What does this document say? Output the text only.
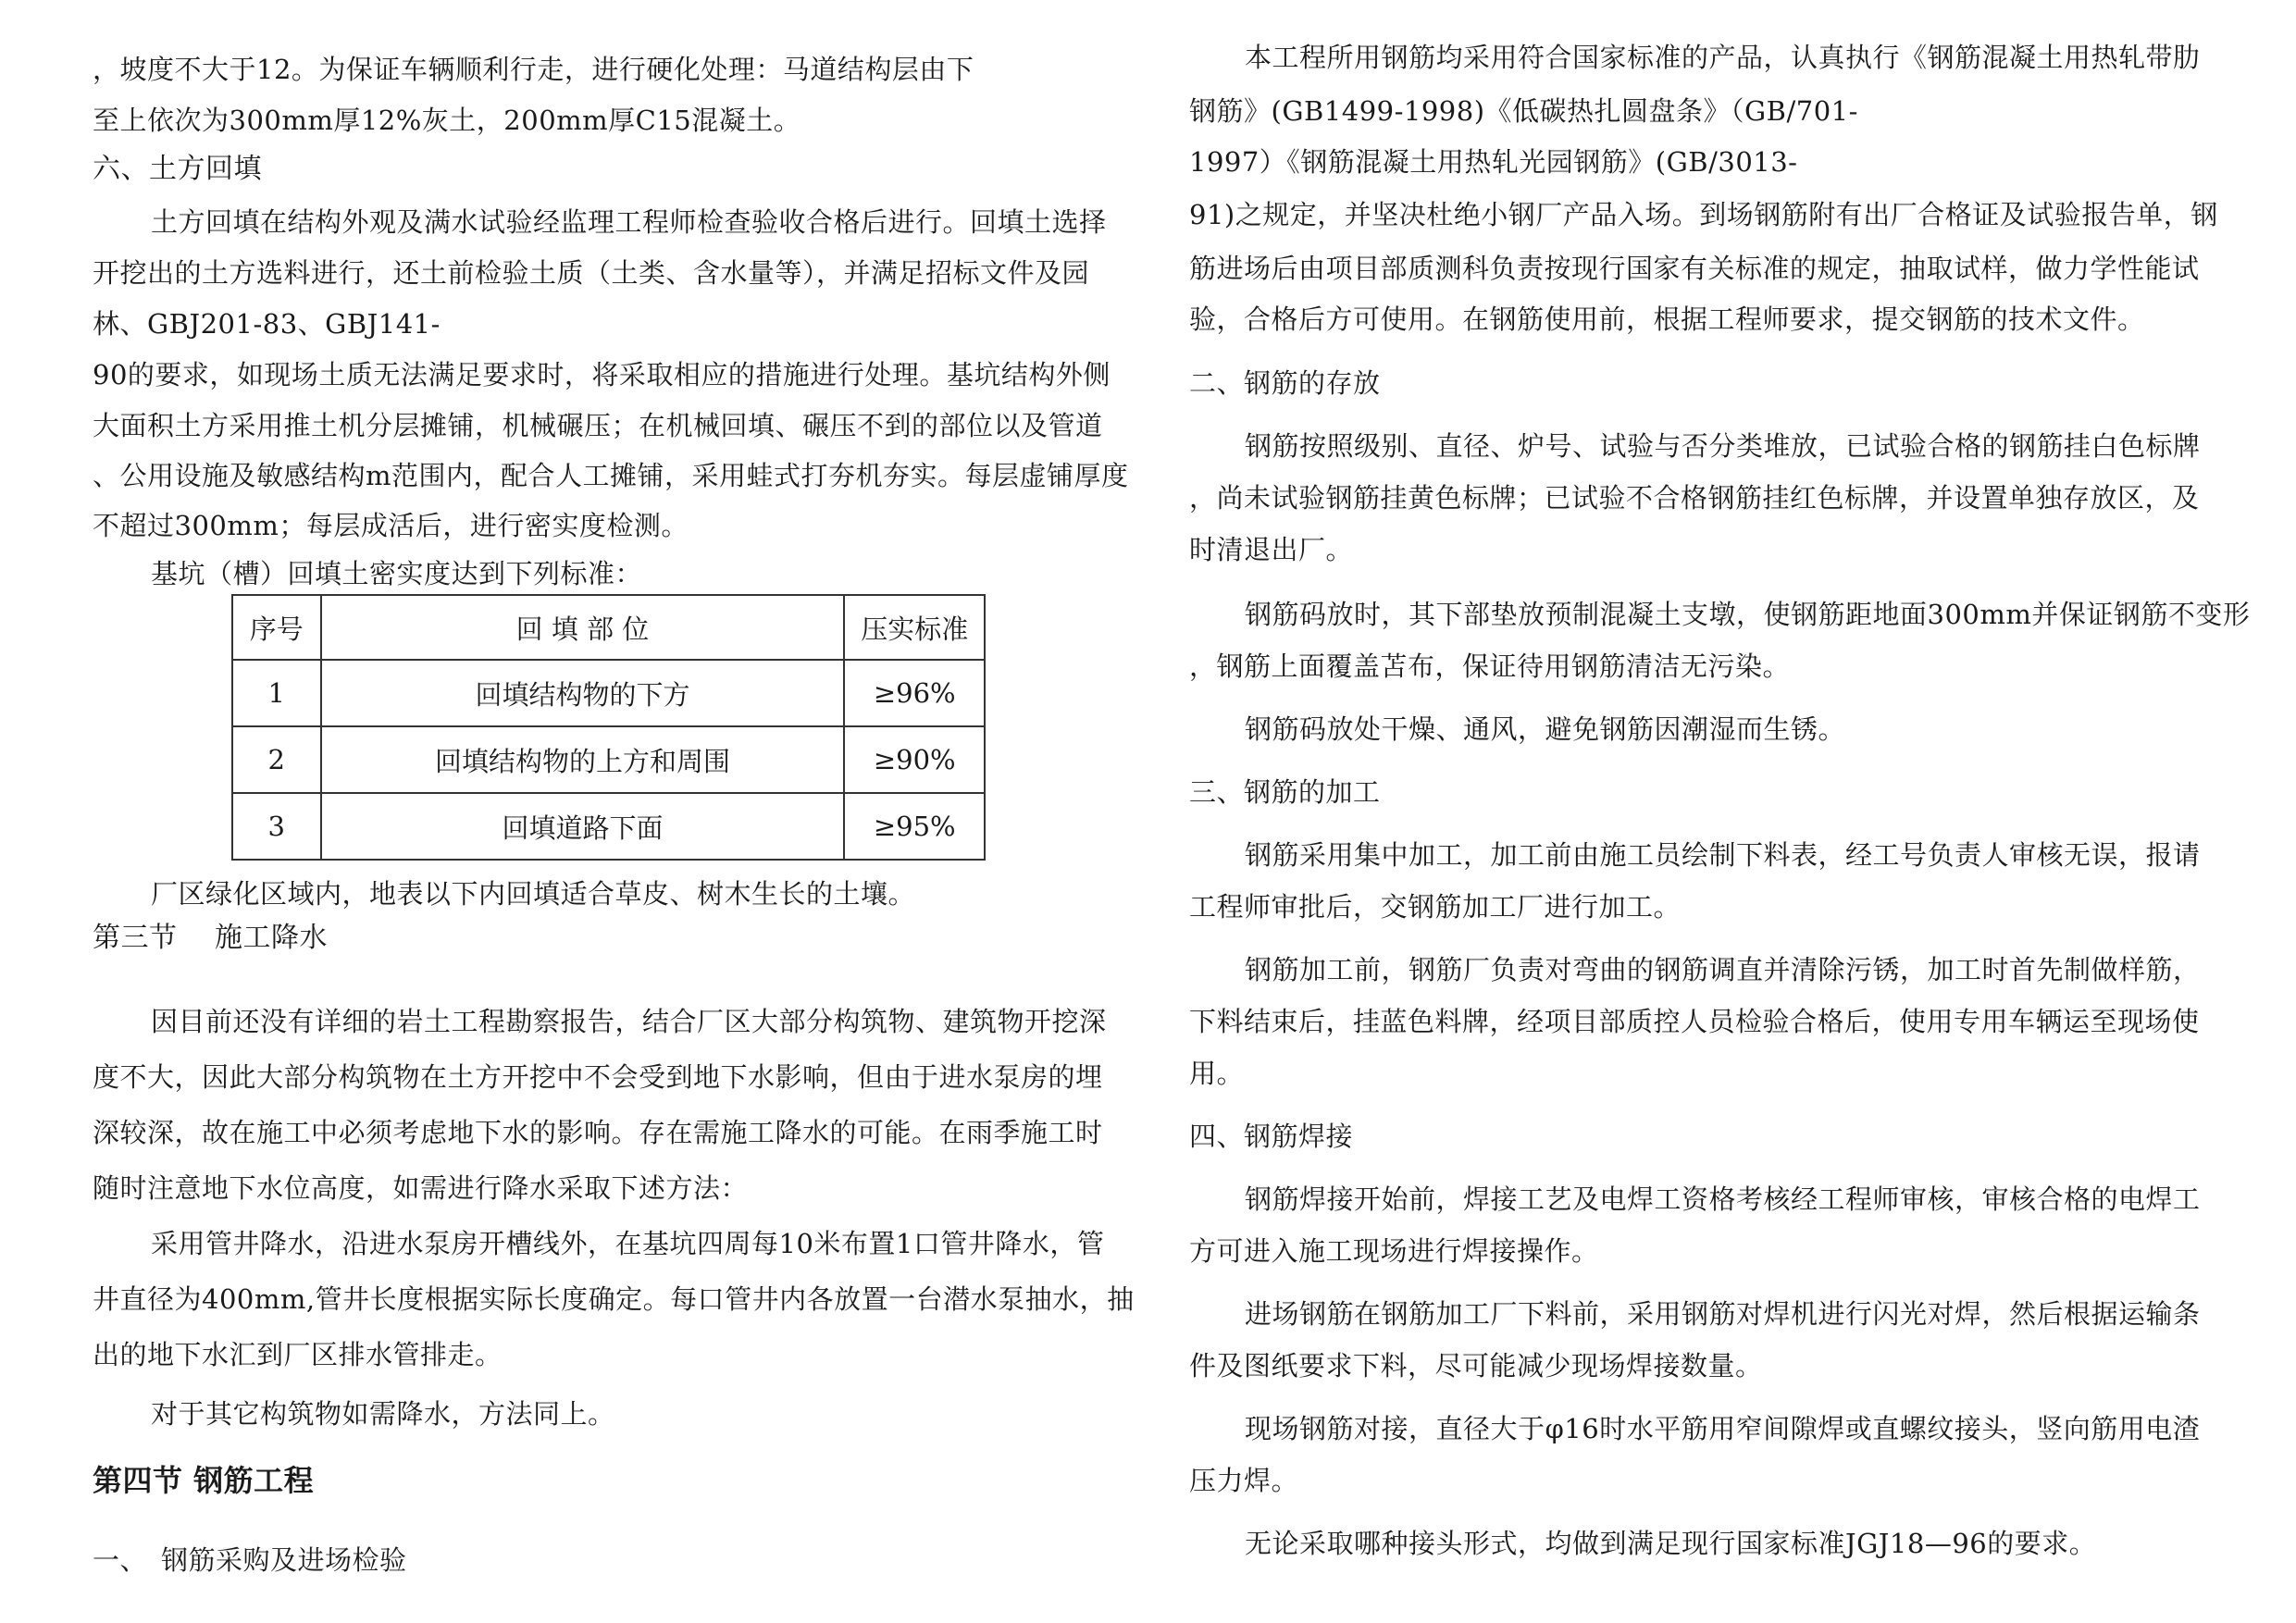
，坡度不大于12。为保证车辆顺利行走，进行硬化处理：马道结构层由下
至上依次为300mm厚12%灰土，200mm厚C15混凝土。
六、土方回填
土方回填在结构外观及满水试验经监理工程师检查验收合格后进行。回填土选择
开挖出的土方选料进行，还土前检验土质（土类、含水量等），并满足招标文件及园
林、GBJ201-83、GBJ141-
90的要求，如现场土质无法满足要求时，将采取相应的措施进行处理。基坑结构外侧
大面积土方采用推土机分层摊铺，机械碾压；在机械回填、碾压不到的部位以及管道
、公用设施及敏感结构m范围内，配合人工摊铺，采用蛙式打夯机夯实。每层虚铺厚度
不超过300mm；每层成活后，进行密实度检测。
基坑（槽）回填土密实度达到下列标准：
序号	回 填 部 位	压实标准
1	回填结构物的下方	≥96%
2	回填结构物的上方和周围	≥90%
3	回填道路下面	≥95%
厂区绿化区域内，地表以下内回填适合草皮、树木生长的土壤。
第三节　 施工降水
因目前还没有详细的岩土工程勘察报告，结合厂区大部分构筑物、建筑物开挖深
度不大，因此大部分构筑物在土方开挖中不会受到地下水影响，但由于进水泵房的埋
深较深，故在施工中必须考虑地下水的影响。存在需施工降水的可能。在雨季施工时
随时注意地下水位高度，如需进行降水采取下述方法：
采用管井降水，沿进水泵房开槽线外，在基坑四周每10米布置1口管井降水，管
井直径为400mm,管井长度根据实际长度确定。每口管井内各放置一台潜水泵抽水，抽
出的地下水汇到厂区排水管排走。
对于其它构筑物如需降水，方法同上。
第四节 钢筋工程
一、　钢筋采购及进场检验
本工程所用钢筋均采用符合国家标准的产品，认真执行《钢筋混凝土用热轧带肋
钢筋》(GB1499-1998)《低碳热扎圆盘条》（GB/701-
1997）《钢筋混凝土用热轧光园钢筋》(GB/3013-
91)之规定，并坚决杜绝小钢厂产品入场。到场钢筋附有出厂合格证及试验报告单，钢
筋进场后由项目部质测科负责按现行国家有关标准的规定，抽取试样，做力学性能试
验，合格后方可使用。在钢筋使用前，根据工程师要求，提交钢筋的技术文件。
二、钢筋的存放
钢筋按照级别、直径、炉号、试验与否分类堆放，已试验合格的钢筋挂白色标牌
，尚未试验钢筋挂黄色标牌；已试验不合格钢筋挂红色标牌，并设置单独存放区，及
时清退出厂。
钢筋码放时，其下部垫放预制混凝土支墩，使钢筋距地面300mm并保证钢筋不变形
，钢筋上面覆盖苫布，保证待用钢筋清洁无污染。
钢筋码放处干燥、通风，避免钢筋因潮湿而生锈。
三、钢筋的加工
钢筋采用集中加工，加工前由施工员绘制下料表，经工号负责人审核无误，报请
工程师审批后，交钢筋加工厂进行加工。
钢筋加工前，钢筋厂负责对弯曲的钢筋调直并清除污锈，加工时首先制做样筋，
下料结束后，挂蓝色料牌，经项目部质控人员检验合格后，使用专用车辆运至现场使
用。
四、钢筋焊接
钢筋焊接开始前，焊接工艺及电焊工资格考核经工程师审核，审核合格的电焊工
方可进入施工现场进行焊接操作。
进场钢筋在钢筋加工厂下料前，采用钢筋对焊机进行闪光对焊，然后根据运输条
件及图纸要求下料，尽可能减少现场焊接数量。
现场钢筋对接，直径大于φ16时水平筋用窄间隙焊或直螺纹接头，竖向筋用电渣
压力焊。
无论采取哪种接头形式，均做到满足现行国家标准JGJ18—96的要求。
